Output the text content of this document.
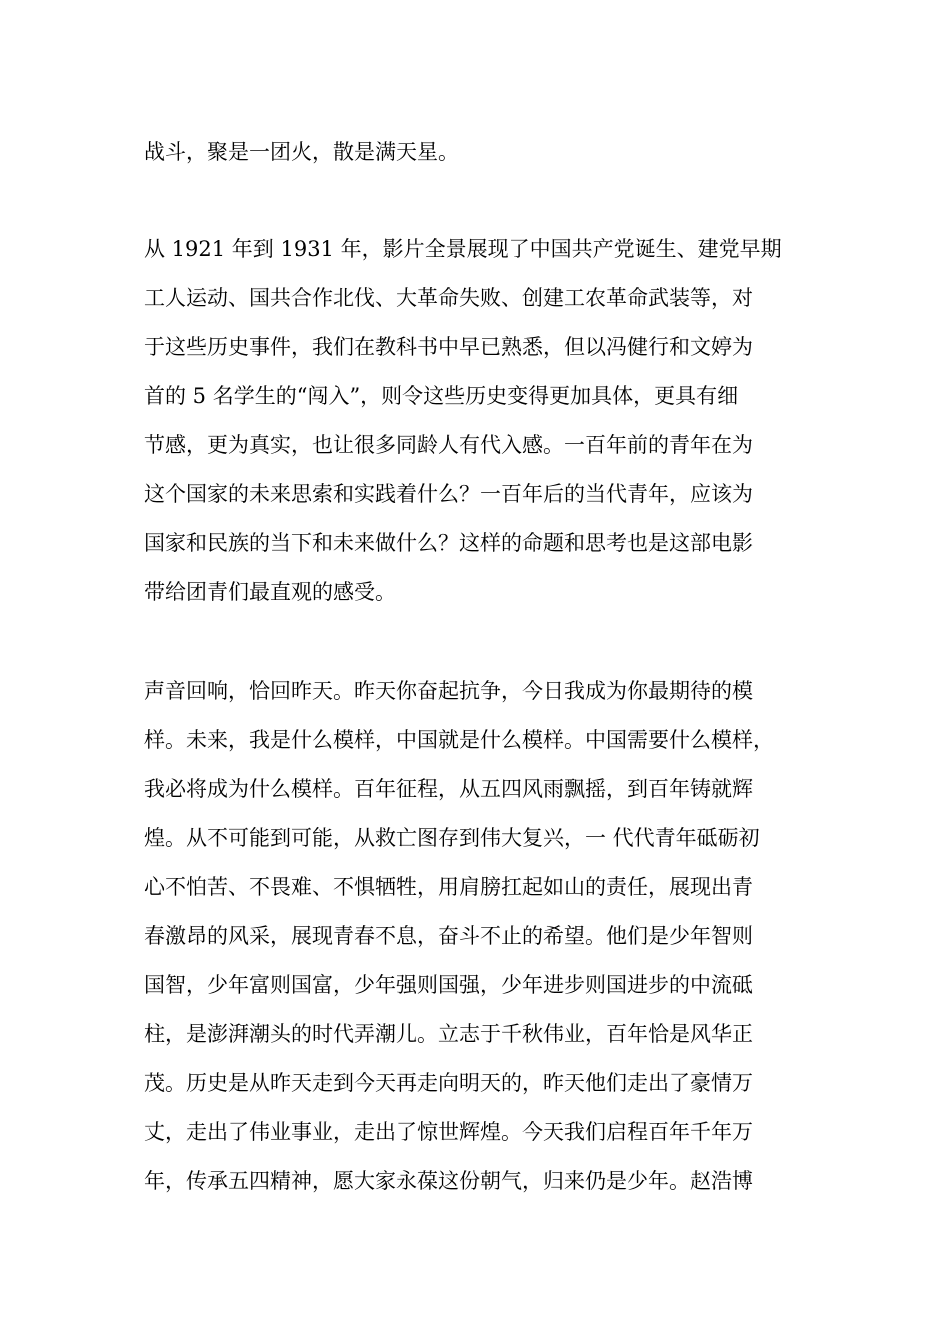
战斗，聚是一团火，散是满天星。
从 1921 年到 1931 年，影片全景展现了中国共产党诞生、建党早期
工人运动、国共合作北伐、大革命失败、创建工农革命武装等，对
于这些历史事件，我们在教科书中早已熟悉，但以冯健行和文婷为
首的 5 名学生的“闯入”，则令这些历史变得更加具体，更具有细
节感，更为真实，也让很多同龄人有代入感。一百年前的青年在为
这个国家的未来思索和实践着什么？一百年后的当代青年，应该为
国家和民族的当下和未来做什么？这样的命题和思考也是这部电影
带给团青们最直观的感受。
声音回响，恰回昨天。昨天你奋起抗争，今日我成为你最期待的模
样。未来，我是什么模样，中国就是什么模样。中国需要什么模样，
我必将成为什么模样。百年征程，从五四风雨飘摇，到百年铸就辉
煌。从不可能到可能，从救亡图存到伟大复兴，一 代代青年砥砺初
心不怕苦、不畏难、不惧牺牲，用肩膀扛起如山的责任，展现出青
春激昂的风采，展现青春不息，奋斗不止的希望。他们是少年智则
国智，少年富则国富，少年强则国强，少年进步则国进步的中流砥
柱，是澎湃潮头的时代弄潮儿。立志于千秋伟业，百年恰是风华正
茂。历史是从昨天走到今天再走向明天的，昨天他们走出了豪情万
丈，走出了伟业事业，走出了惊世辉煌。今天我们启程百年千年万
年，传承五四精神，愿大家永葆这份朝气，归来仍是少年。赵浩博
